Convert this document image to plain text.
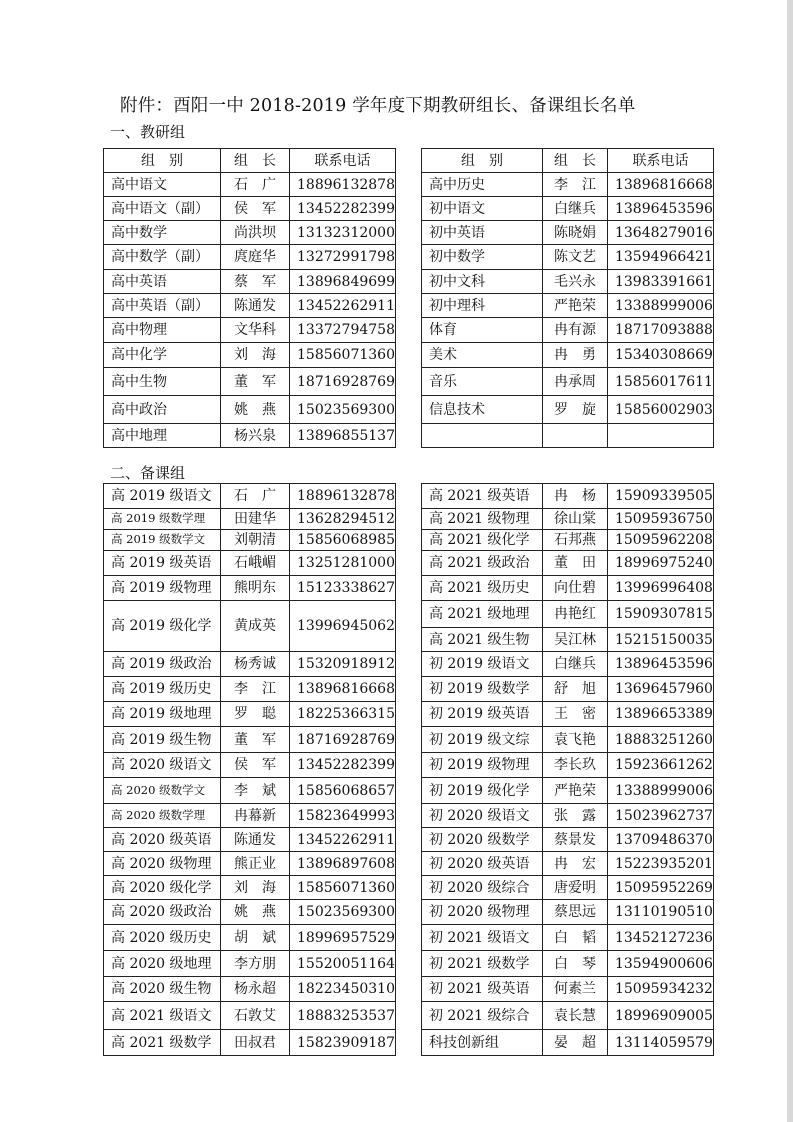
附件：酉阳一中 2018-2019 学年度下期教研组长、备课组长名单
一、教研组
组　别	组　长	联系电话		组　别	组　长	联系电话
高中语文	石　广	18896132878		高中历史	李　江	13896816668
高中语文（副）	侯　军	13452282399		初中语文	白继兵	13896453596
高中数学	尚洪坝	13132312000		初中英语	陈晓娟	13648279016
高中数学（副）	庹庭华	13272991798		初中数学	陈文艺	13594966421
高中英语	蔡　军	13896849699		初中文科	毛兴永	13983391661
高中英语（副）	陈通发	13452262911		初中理科	严艳荣	13388999006
高中物理	文华科	13372794758		体育	冉有源	18717093888
高中化学	刘　海	15856071360		美术	冉　勇	15340308669
高中生物	董　军	18716928769		音乐	冉承周	15856017611
高中政治	姚　燕	15023569300		信息技术	罗　旋	15856002903
高中地理	杨兴泉	13896855137				
二、备课组
高 2019 级语文	石　广	18896132878		高 2021 级英语	冉　杨	15909339505
高 2019 级数学理	田建华	13628294512		高 2021 级物理	徐山棠	15095936750
高 2019 级数学文	刘朝清	15856068985		高 2021 级化学	石邦燕	15095962208
高 2019 级英语	石峨嵋	13251281000		高 2021 级政治	董　田	18996975240
高 2019 级物理	熊明东	15123338627		高 2021 级历史	向仕碧	13996996408
高 2019 级化学	黄成英	13996945062		高 2021 级地理	冉艳红	15909307815
				高 2021 级生物	吴江林	15215150035
高 2019 级政治	杨秀诚	15320918912		初 2019 级语文	白继兵	13896453596
高 2019 级历史	李　江	13896816668		初 2019 级数学	舒　旭	13696457960
高 2019 级地理	罗　聪	18225366315		初 2019 级英语	王　密	13896653389
高 2019 级生物	董　军	18716928769		初 2019 级文综	袁飞艳	18883251260
高 2020 级语文	侯　军	13452282399		初 2019 级物理	李长玖	15923661262
高 2020 级数学文	李　斌	15856068657		初 2019 级化学	严艳荣	13388999006
高 2020 级数学理	冉幕新	15823649993		初 2020 级语文	张　露	15023962737
高 2020 级英语	陈通发	13452262911		初 2020 级数学	蔡景发	13709486370
高 2020 级物理	熊正业	13896897608		初 2020 级英语	冉　宏	15223935201
高 2020 级化学	刘　海	15856071360		初 2020 级综合	唐爱明	15095952269
高 2020 级政治	姚　燕	15023569300		初 2020 级物理	蔡思远	13110190510
高 2020 级历史	胡　斌	18996957529		初 2021 级语文	白　韬	13452127236
高 2020 级地理	李方朋	15520051164		初 2021 级数学	白　琴	13594900606
高 2020 级生物	杨永超	18223450310		初 2021 级英语	何素兰	15095934232
高 2021 级语文	石敦艾	18883253537		初 2021 级综合	袁长慧	18996909005
高 2021 级数学	田叔君	15823909187		科技创新组	晏　超	13114059579
